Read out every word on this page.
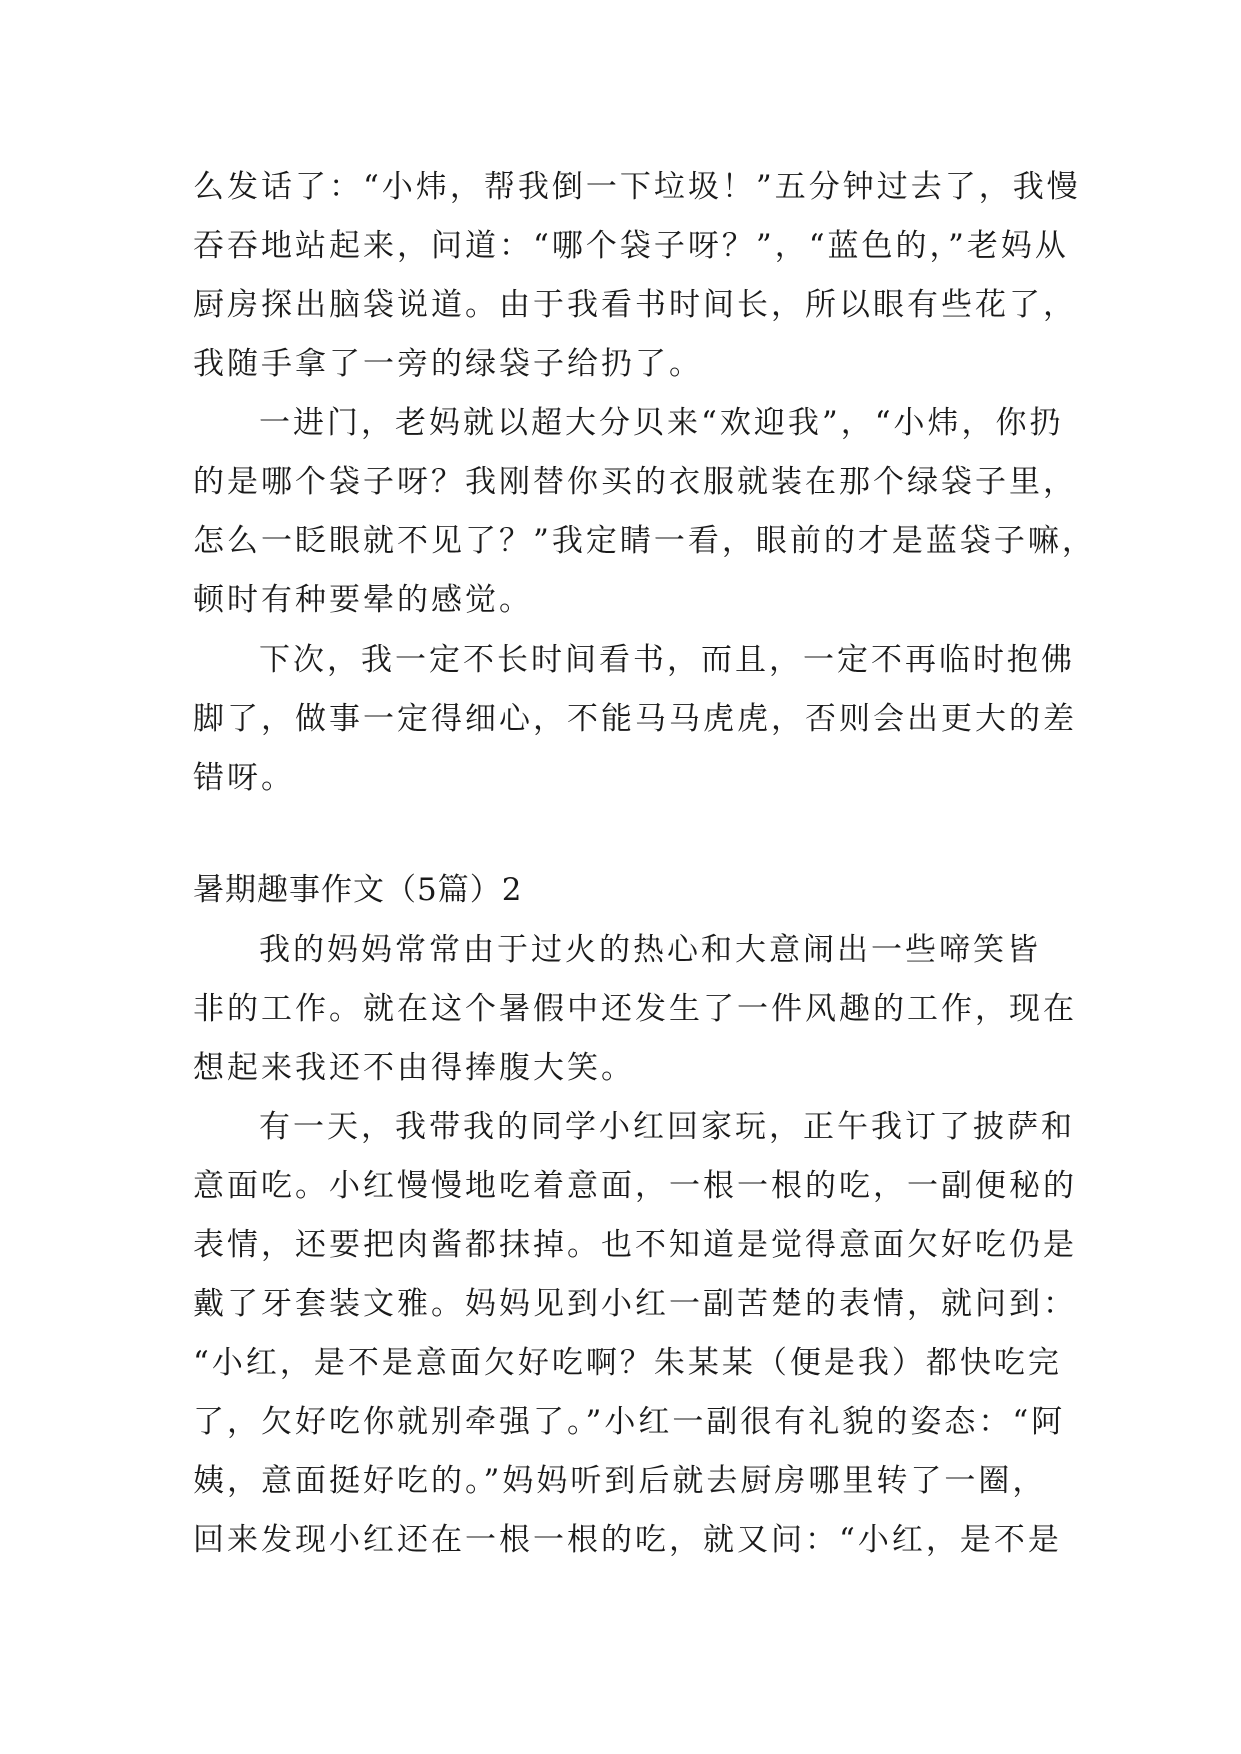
么发话了：“小炜，帮我倒一下垃圾！”五分钟过去了，我慢
吞吞地站起来，问道：“哪个袋子呀？”，“蓝色的，”老妈从
厨房探出脑袋说道。由于我看书时间长，所以眼有些花了，
我随手拿了一旁的绿袋子给扔了。
一进门，老妈就以超大分贝来“欢迎我”，“小炜，你扔
的是哪个袋子呀？我刚替你买的衣服就装在那个绿袋子里，
怎么一眨眼就不见了？”我定睛一看，眼前的才是蓝袋子嘛，
顿时有种要晕的感觉。
下次，我一定不长时间看书，而且，一定不再临时抱佛
脚了，做事一定得细心，不能马马虎虎，否则会出更大的差
错呀。
暑期趣事作文（5篇）2
我的妈妈常常由于过火的热心和大意闹出一些啼笑皆
非的工作。就在这个暑假中还发生了一件风趣的工作，现在
想起来我还不由得捧腹大笑。
有一天，我带我的同学小红回家玩，正午我订了披萨和
意面吃。小红慢慢地吃着意面，一根一根的吃，一副便秘的
表情，还要把肉酱都抹掉。也不知道是觉得意面欠好吃仍是
戴了牙套装文雅。妈妈见到小红一副苦楚的表情，就问到：
“小红，是不是意面欠好吃啊？朱某某（便是我）都快吃完
了，欠好吃你就别牵强了。”小红一副很有礼貌的姿态：“阿
姨，意面挺好吃的。”妈妈听到后就去厨房哪里转了一圈，
回来发现小红还在一根一根的吃，就又问：“小红，是不是
